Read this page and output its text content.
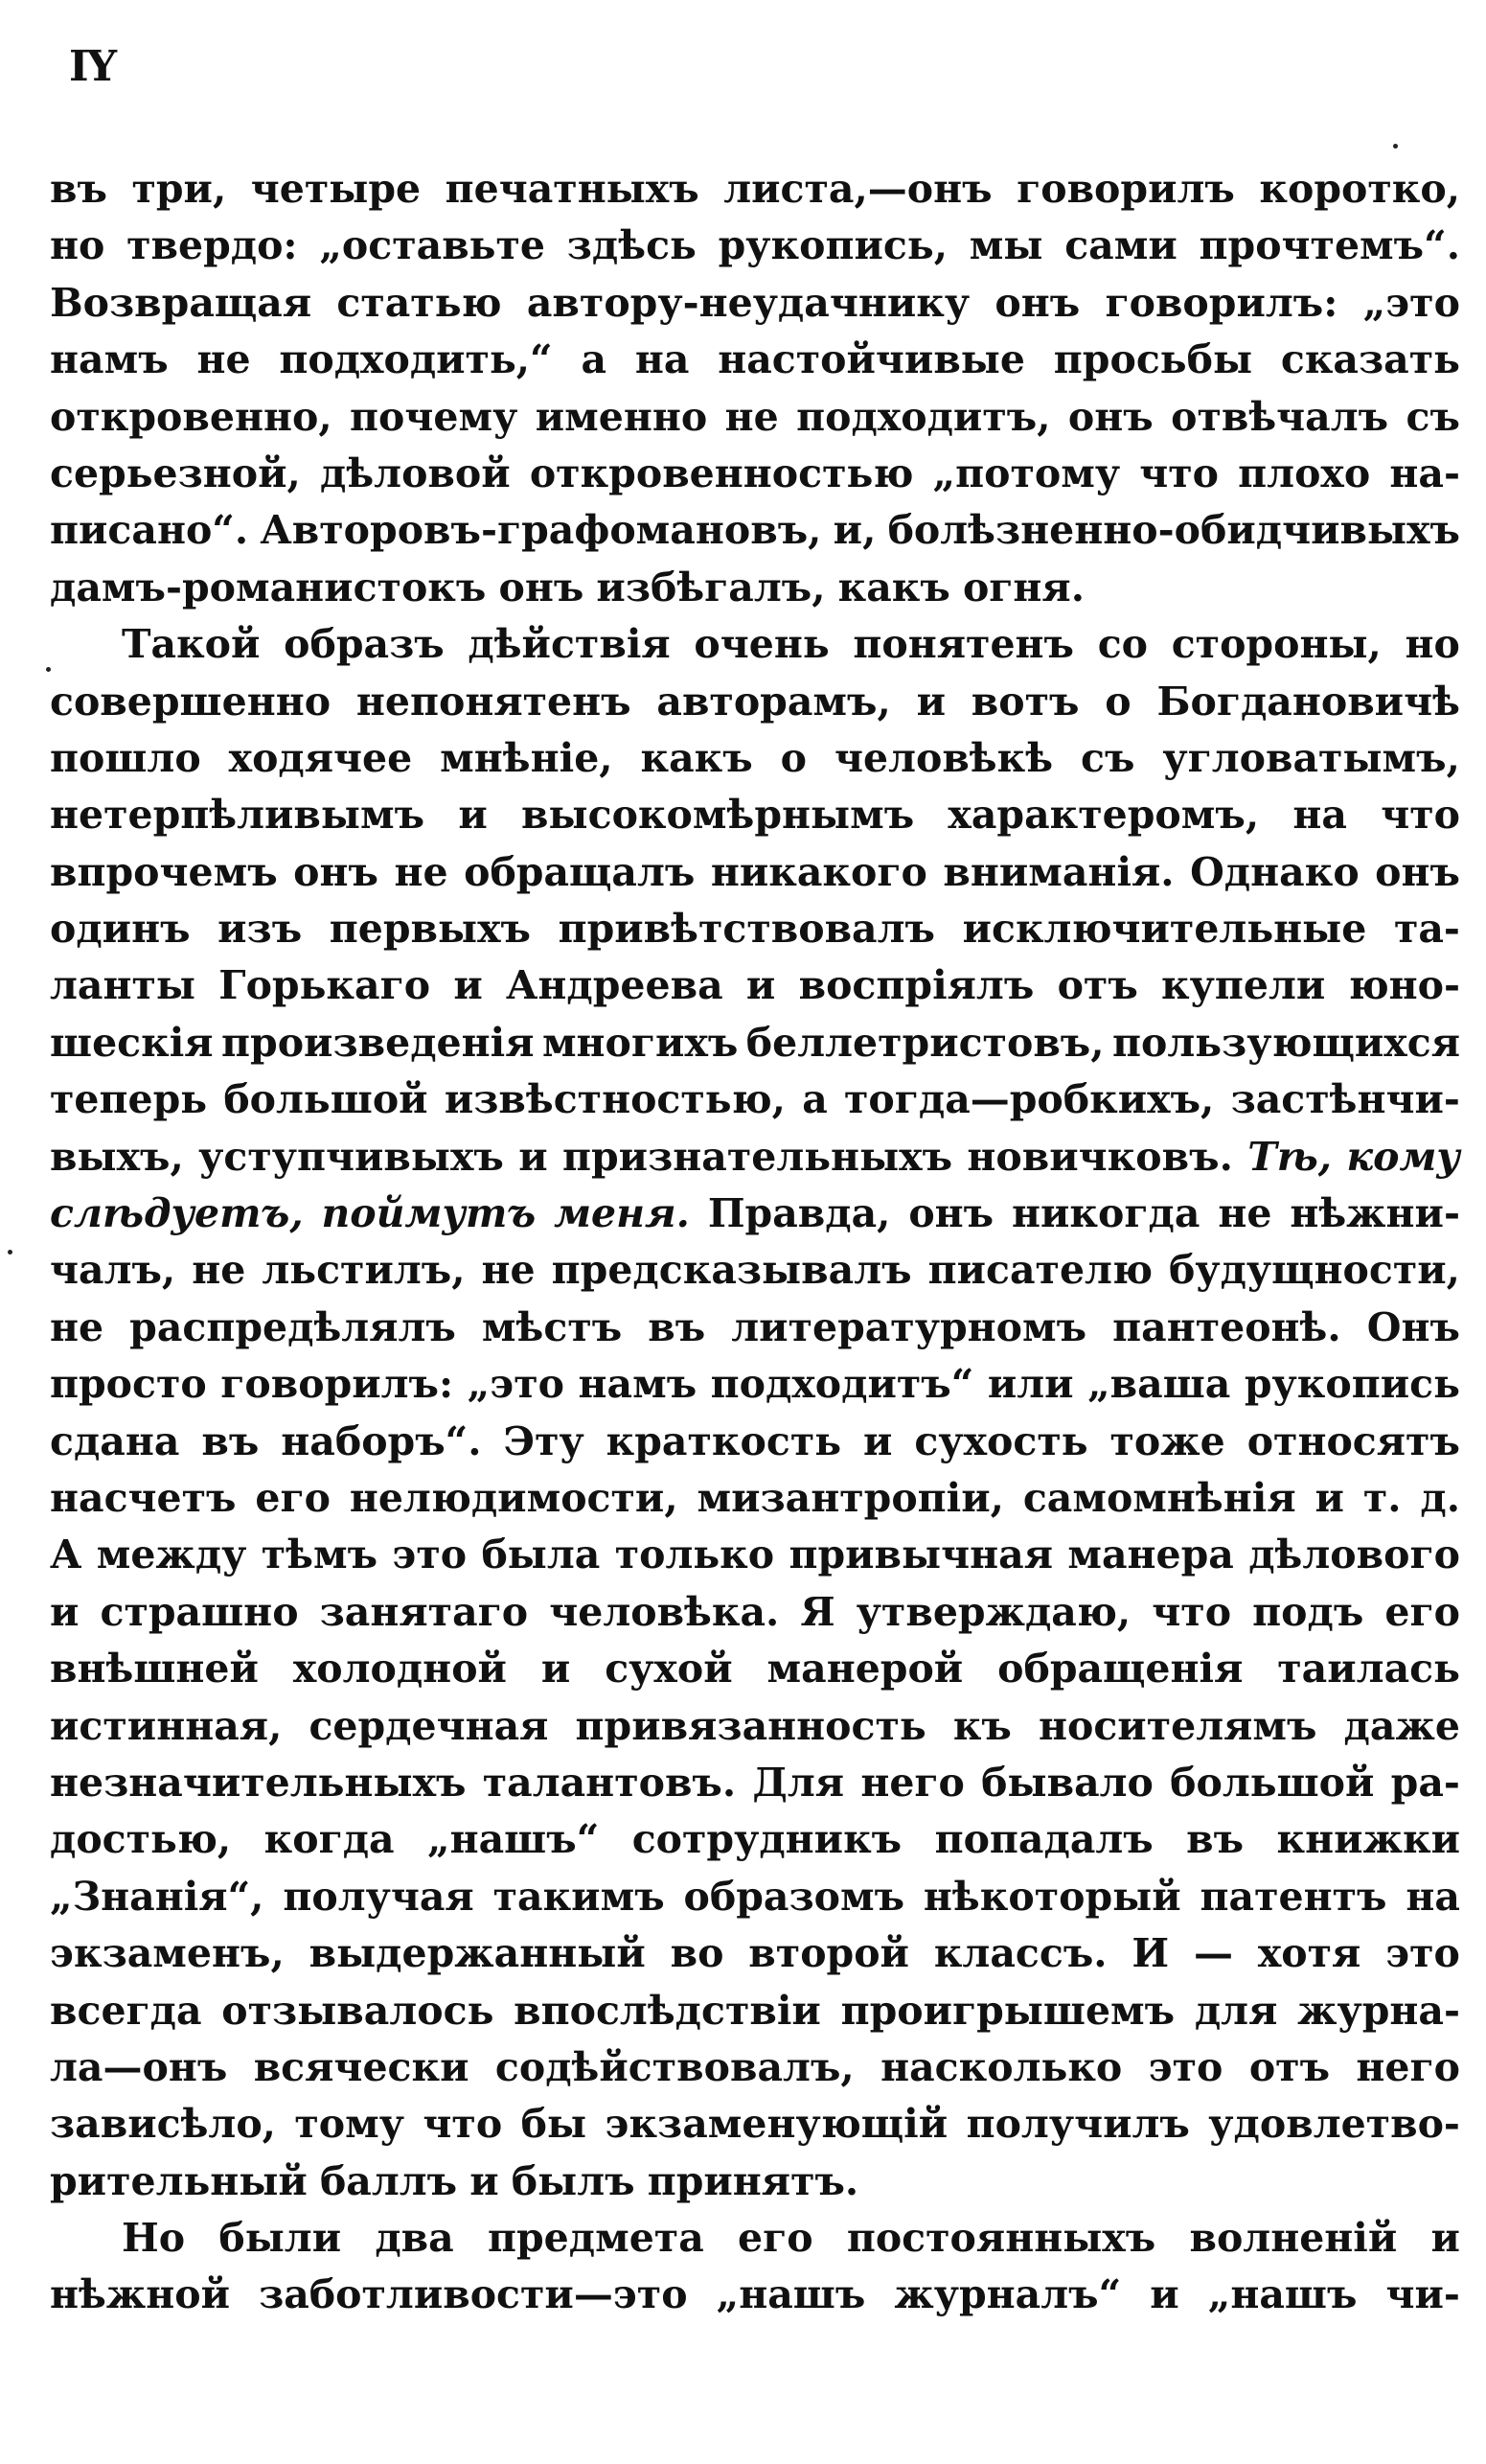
IY
въ три, четыре печатныхъ листа,—онъ говорилъ коротко,
но твердо: „оставьте здѣсь рукопись, мы сами прочтемъ“.
Возвращая статью автору-неудачнику онъ говорилъ: „это
намъ не подходить,“ а на настойчивые просьбы сказать
откровенно, почему именно не подходитъ, онъ отвѣчалъ съ
серьезной, дѣловой откровенностью „потому что плохо на-
писано“. Авторовъ-графомановъ, и, болѣзненно-обидчивыхъ
дамъ-романистокъ онъ избѣгалъ, какъ огня.
Такой образъ дѣйствія очень понятенъ со стороны, но
совершенно непонятенъ авторамъ, и вотъ о Богдановичѣ
пошло ходячее мнѣніе, какъ о человѣкѣ съ угловатымъ,
нетерпѣливымъ и высокомѣрнымъ характеромъ, на что
впрочемъ онъ не обращалъ никакого вниманія. Однако онъ
одинъ изъ первыхъ привѣтствовалъ исключительные та-
ланты Горькаго и Андреева и воспріялъ отъ купели юно-
шескія произведенія многихъ беллетристовъ, пользующихся
теперь большой извѣстностью, а тогда—робкихъ, застѣнчи-
выхъ, уступчивыхъ и признательныхъ новичковъ. Тѣ, кому
слѣдуетъ, поймутъ меня. Правда, онъ никогда не нѣжни-
чалъ, не льстилъ, не предсказывалъ писателю будущности,
не распредѣлялъ мѣстъ въ литературномъ пантеонѣ. Онъ
просто говорилъ: „это намъ подходитъ“ или „ваша рукопись
сдана въ наборъ“. Эту краткость и сухость тоже относятъ
насчетъ его нелюдимости, мизантропіи, самомнѣнія и т. д.
А между тѣмъ это была только привычная манера дѣлового
и страшно занятаго человѣка. Я утверждаю, что подъ его
внѣшней холодной и сухой манерой обращенія таилась
истинная, сердечная привязанность къ носителямъ даже
незначительныхъ талантовъ. Для него бывало большой ра-
достью, когда „нашъ“ сотрудникъ попадалъ въ книжки
„Знанія“, получая такимъ образомъ нѣкоторый патентъ на
экзаменъ, выдержанный во второй классъ. И — хотя это
всегда отзывалось впослѣдствіи проигрышемъ для журна-
ла—онъ всячески содѣйствовалъ, насколько это отъ него
зависѣло, тому что бы экзаменующій получилъ удовлетво-
рительный баллъ и былъ принятъ.
Но были два предмета его постоянныхъ волненій и
нѣжной заботливости—это „нашъ журналъ“ и „нашъ чи-
